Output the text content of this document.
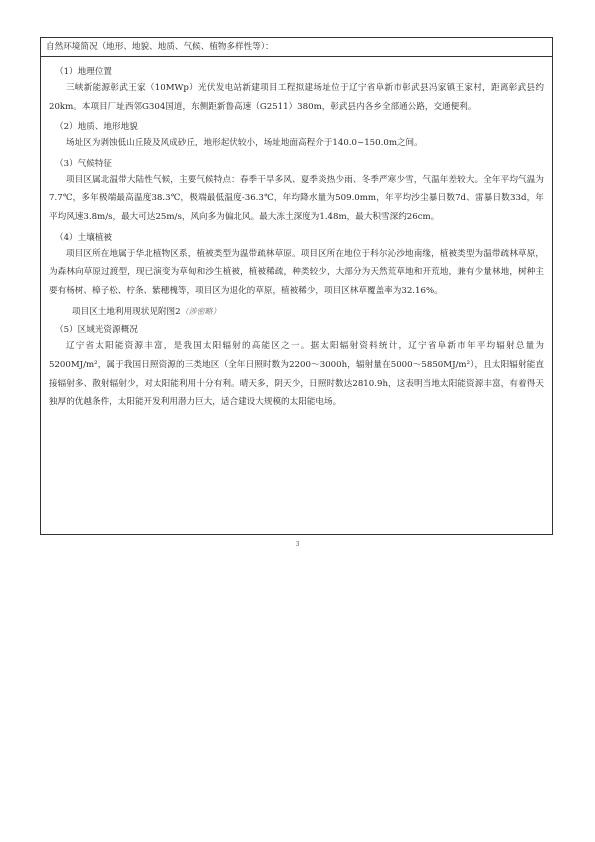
自然环境简况（地形、地貌、地质、气候、植物多样性等）：
（1）地理位置
三峡新能源彰武王家（10MWp）光伏发电站新建项目工程拟建场址位于辽宁省阜新市彰武县冯家镇王家村，距离彰武县约20km。本项目厂址西邻G304国道，东侧距新鲁高速（G2511）380m，彰武县内各乡全部通公路，交通便利。
（2）地质、地形地貌
场址区为剥蚀低山丘陵及风成砂丘，地形起伏较小，场址地面高程介于140.0~150.0m之间。
（3）气候特征
项目区属北温带大陆性气候，主要气候特点：春季干旱多风、夏季炎热少雨、冬季严寒少雪，气温年差较大。全年平均气温为7.7℃，多年极端最高温度38.3℃，极端最低温度-36.3℃，年均降水量为509.0mm，年平均沙尘暴日数7d、雷暴日数33d，年平均风速3.8m/s，最大可达25m/s，风向多为偏北风。最大冻土深度为1.48m，最大积雪深约26cm。
（4）土壤植被
项目区所在地属于华北植物区系，植被类型为温带疏林草原。项目区所在地位于科尔沁沙地南缘，植被类型为温带疏林草原，为森林向草原过渡型，现已演变为草甸和沙生植被，植被稀疏，种类较少，大部分为天然荒草地和开荒地，兼有少量林地，树种主要有杨树、樟子松、柠条、紫穗槐等，项目区为退化的草原，植被稀少，项目区林草覆盖率为32.16%。
项目区土地利用现状见附图2（涉密略）
（5）区域光资源概况
辽宁省太阳能资源丰富，是我国太阳辐射的高能区之一。据太阳辐射资料统计，辽宁省阜新市年平均辐射总量为5200MJ/m²，属于我国日照资源的三类地区（全年日照时数为2200～3000h，辐射量在5000～5850MJ/m²），且太阳辐射能直接辐射多、散射辐射少，对太阳能利用十分有利。晴天多，阴天少，日照时数达2810.9h，这表明当地太阳能资源丰富，有着得天独厚的优越条件，太阳能开发利用潜力巨大，适合建设大规模的太阳能电场。
3
